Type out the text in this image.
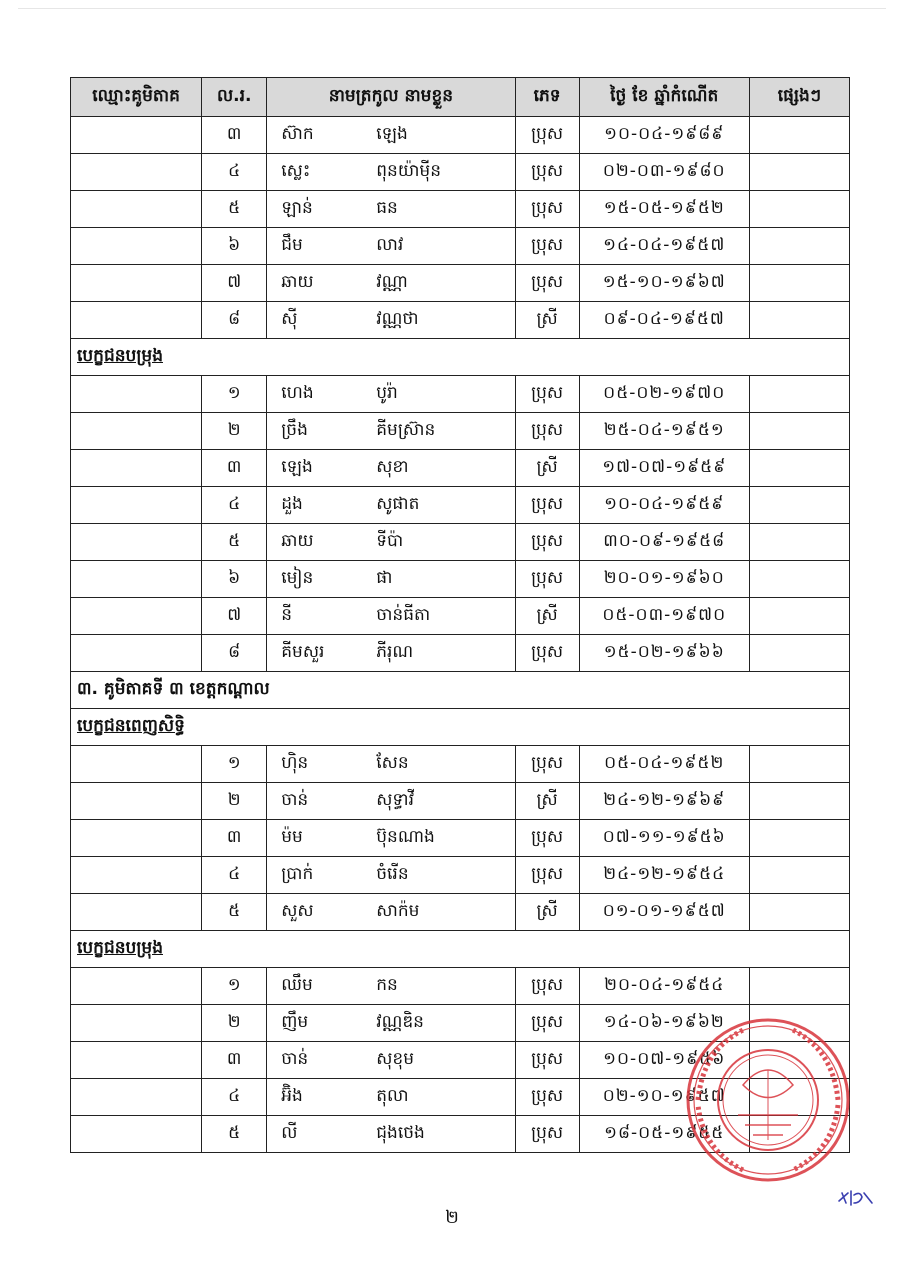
ឈ្មោះគូមិតាគ	ល.រ.	នាមត្រកូល នាមខ្លួន	ភេទ	ថ្ងៃ ខែ ឆ្នាំកំណើត	ផ្សេងៗ
	៣	ស៊ាក ឡេង	ប្រុស	១០-០៤-១៩៨៩	
	៤	ស្លេះ ពុនយ៉ាម៉ីន	ប្រុស	០២-០៣-១៩៨០	
	៥	ឡាន់ ធន	ប្រុស	១៥-០៥-១៩៥២	
	៦	ជឹម លាវ	ប្រុស	១៤-០៤-១៩៥៧	
	៧	ឆាយ វណ្ណា	ប្រុស	១៥-១០-១៩៦៧	
	៨	ស៊ី វណ្ណថា	ស្រី	០៩-០៤-១៩៥៧	
បេក្ខជនបម្រុង					
	១	ហេង បូរ៉ា	ប្រុស	០៥-០២-១៩៧០	
	២	ច្រឹង គីមស្រ៊ាន	ប្រុស	២៥-០៤-១៩៥១	
	៣	ឡេង សុខា	ស្រី	១៧-០៧-១៩៥៩	
	៤	ដួង សូផាត	ប្រុស	១០-០៤-១៩៥៩	
	៥	ឆាយ ទីប៉ា	ប្រុស	៣០-០៩-១៩៥៨	
	៦	មៀន ផា	ប្រុស	២០-០១-១៩៦០	
	៧	នី ចាន់ធីតា	ស្រី	០៥-០៣-១៩៧០	
	៨	គីមសួរ ភីរុណ	ប្រុស	១៥-០២-១៩៦៦	
៣. គូមិតាគទី ៣ ខេត្តកណ្តាល					
បេក្ខជនពេញសិទ្ធិ					
	១	ហ៊ិន សែន	ប្រុស	០៥-០៤-១៩៥២	
	២	ចាន់ សុទ្ធាវី	ស្រី	២៤-១២-១៩៦៩	
	៣	ម៉ម ប៊ុនណាង	ប្រុស	០៧-១១-១៩៥៦	
	៤	ប្រាក់ ចំរើន	ប្រុស	២៤-១២-១៩៥៤	
	៥	សួស សាក៉ម	ស្រី	០១-០១-១៩៥៧	
បេក្ខជនបម្រុង					
	១	ឈឹម កន	ប្រុស	២០-០៤-១៩៥៤	
	២	ញឹម វណ្ណឌិន	ប្រុស	១៤-០៦-១៩៦២	
	៣	ចាន់ សុខុម	ប្រុស	១០-០៧-១៩៥៦	
	៤	អ៊ិង តុលា	ប្រុស	០២-១០-១៩៥៧	
	៥	លី ជុងថេង	ប្រុស	១៨-០៥-១៩៥៥	
២
